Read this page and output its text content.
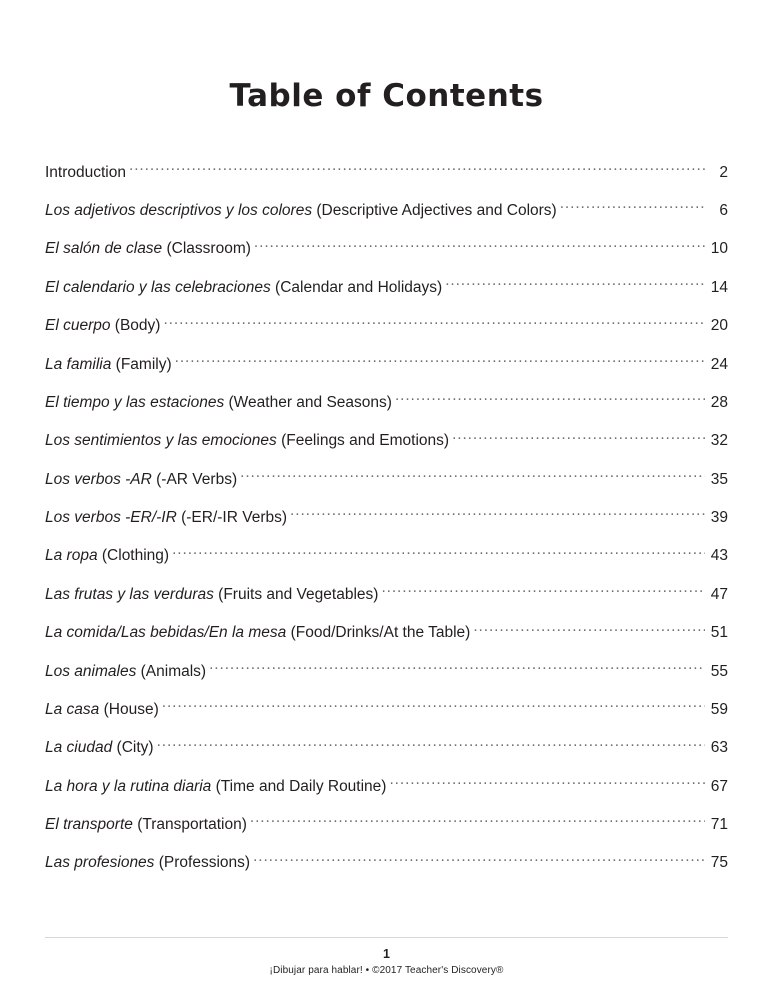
Table of Contents
Introduction .....	2
Los adjetivos descriptivos y los colores (Descriptive Adjectives and Colors) .....	6
El salón de clase (Classroom) .....	10
El calendario y las celebraciones (Calendar and Holidays) .....	14
El cuerpo (Body) .....	20
La familia (Family) .....	24
El tiempo y las estaciones (Weather and Seasons) .....	28
Los sentimientos y las emociones (Feelings and Emotions) .....	32
Los verbos -AR (-AR Verbs) .....	35
Los verbos -ER/-IR (-ER/-IR Verbs) .....	39
La ropa (Clothing) .....	43
Las frutas y las verduras (Fruits and Vegetables) .....	47
La comida/Las bebidas/En la mesa (Food/Drinks/At the Table) .....	51
Los animales (Animals) .....	55
La casa (House) .....	59
La ciudad (City) .....	63
La hora y la rutina diaria (Time and Daily Routine) .....	67
El transporte (Transportation) .....	71
Las profesiones (Professions) .....	75
1
¡Dibujar para hablar! • ©2017 Teacher's Discovery®
